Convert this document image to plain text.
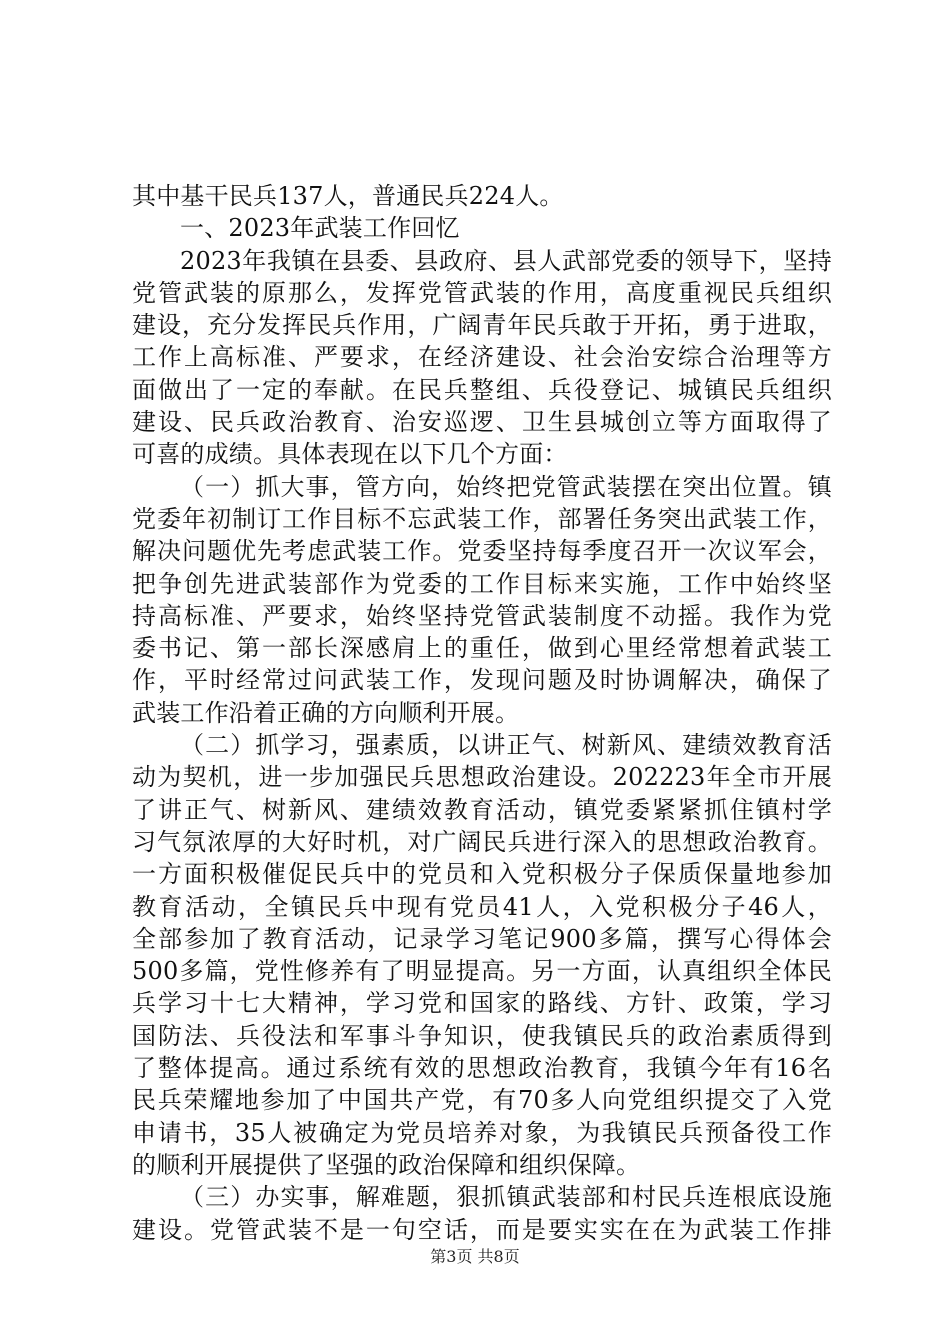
其中基干民兵137人，普通民兵224人。
一、2023年武装工作回忆
2023年我镇在县委、县政府、县人武部党委的领导下，坚持
党管武装的原那么，发挥党管武装的作用，高度重视民兵组织
建设，充分发挥民兵作用，广阔青年民兵敢于开拓，勇于进取，
工作上高标准、严要求，在经济建设、社会治安综合治理等方
面做出了一定的奉献。在民兵整组、兵役登记、城镇民兵组织
建设、民兵政治教育、治安巡逻、卫生县城创立等方面取得了
可喜的成绩。具体表现在以下几个方面：
（一）抓大事，管方向，始终把党管武装摆在突出位置。镇
党委年初制订工作目标不忘武装工作，部署任务突出武装工作，
解决问题优先考虑武装工作。党委坚持每季度召开一次议军会，
把争创先进武装部作为党委的工作目标来实施，工作中始终坚
持高标准、严要求，始终坚持党管武装制度不动摇。我作为党
委书记、第一部长深感肩上的重任，做到心里经常想着武装工
作，平时经常过问武装工作，发现问题及时协调解决，确保了
武装工作沿着正确的方向顺利开展。
（二）抓学习，强素质，以讲正气、树新风、建绩效教育活
动为契机，进一步加强民兵思想政治建设。202223年全市开展
了讲正气、树新风、建绩效教育活动，镇党委紧紧抓住镇村学
习气氛浓厚的大好时机，对广阔民兵进行深入的思想政治教育。
一方面积极催促民兵中的党员和入党积极分子保质保量地参加
教育活动，全镇民兵中现有党员41人，入党积极分子46人，
全部参加了教育活动，记录学习笔记900多篇，撰写心得体会
500多篇，党性修养有了明显提高。另一方面，认真组织全体民
兵学习十七大精神，学习党和国家的路线、方针、政策，学习
国防法、兵役法和军事斗争知识，使我镇民兵的政治素质得到
了整体提高。通过系统有效的思想政治教育，我镇今年有16名
民兵荣耀地参加了中国共产党，有70多人向党组织提交了入党
申请书，35人被确定为党员培养对象，为我镇民兵预备役工作
的顺利开展提供了坚强的政治保障和组织保障。
（三）办实事，解难题，狠抓镇武装部和村民兵连根底设施
建设。党管武装不是一句空话，而是要实实在在为武装工作排
第3页 共8页
